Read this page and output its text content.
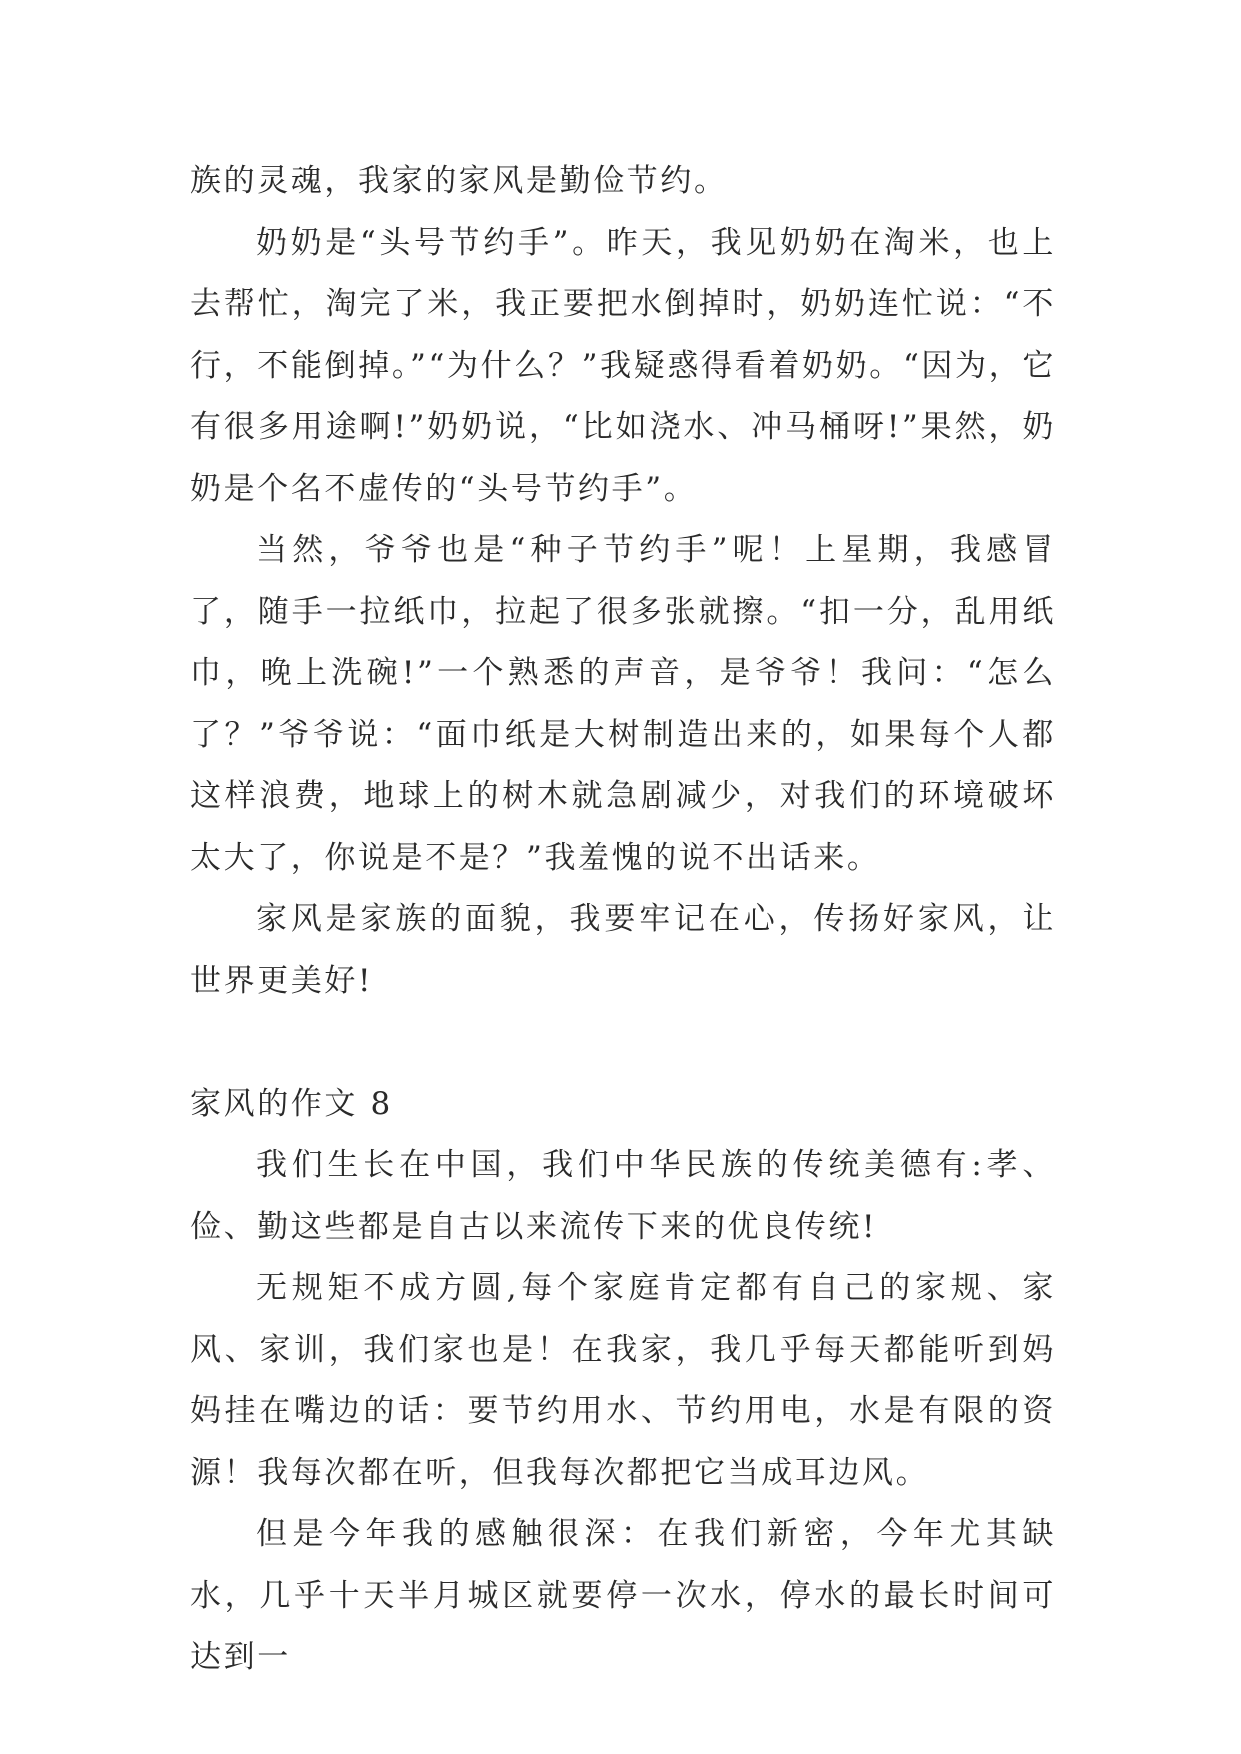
族的灵魂，我家的家风是勤俭节约。

奶奶是“头号节约手”。昨天，我见奶奶在淘米，也上去帮忙，淘完了米，我正要把水倒掉时，奶奶连忙说：“不行，不能倒掉。”“为什么？”我疑惑得看着奶奶。“因为，它有很多用途啊!”奶奶说，“比如浇水、冲马桶呀!”果然，奶奶是个名不虚传的“头号节约手”。

当然，爷爷也是“种子节约手”呢！上星期，我感冒了，随手一拉纸巾，拉起了很多张就擦。“扣一分，乱用纸巾，晚上洗碗!”一个熟悉的声音，是爷爷！我问：“怎么了？”爷爷说：“面巾纸是大树制造出来的，如果每个人都这样浪费，地球上的树木就急剧减少，对我们的环境破坏太大了，你说是不是？”我羞愧的说不出话来。

家风是家族的面貌，我要牢记在心，传扬好家风，让世界更美好!

家风的作文 8

我们生长在中国，我们中华民族的传统美德有:孝、俭、勤这些都是自古以来流传下来的优良传统!

无规矩不成方圆,每个家庭肯定都有自己的家规、家风、家训，我们家也是！在我家，我几乎每天都能听到妈妈挂在嘴边的话：要节约用水、节约用电，水是有限的资源！我每次都在听，但我每次都把它当成耳边风。

但是今年我的感触很深：在我们新密，今年尤其缺水，几乎十天半月城区就要停一次水，停水的最长时间可达到一
